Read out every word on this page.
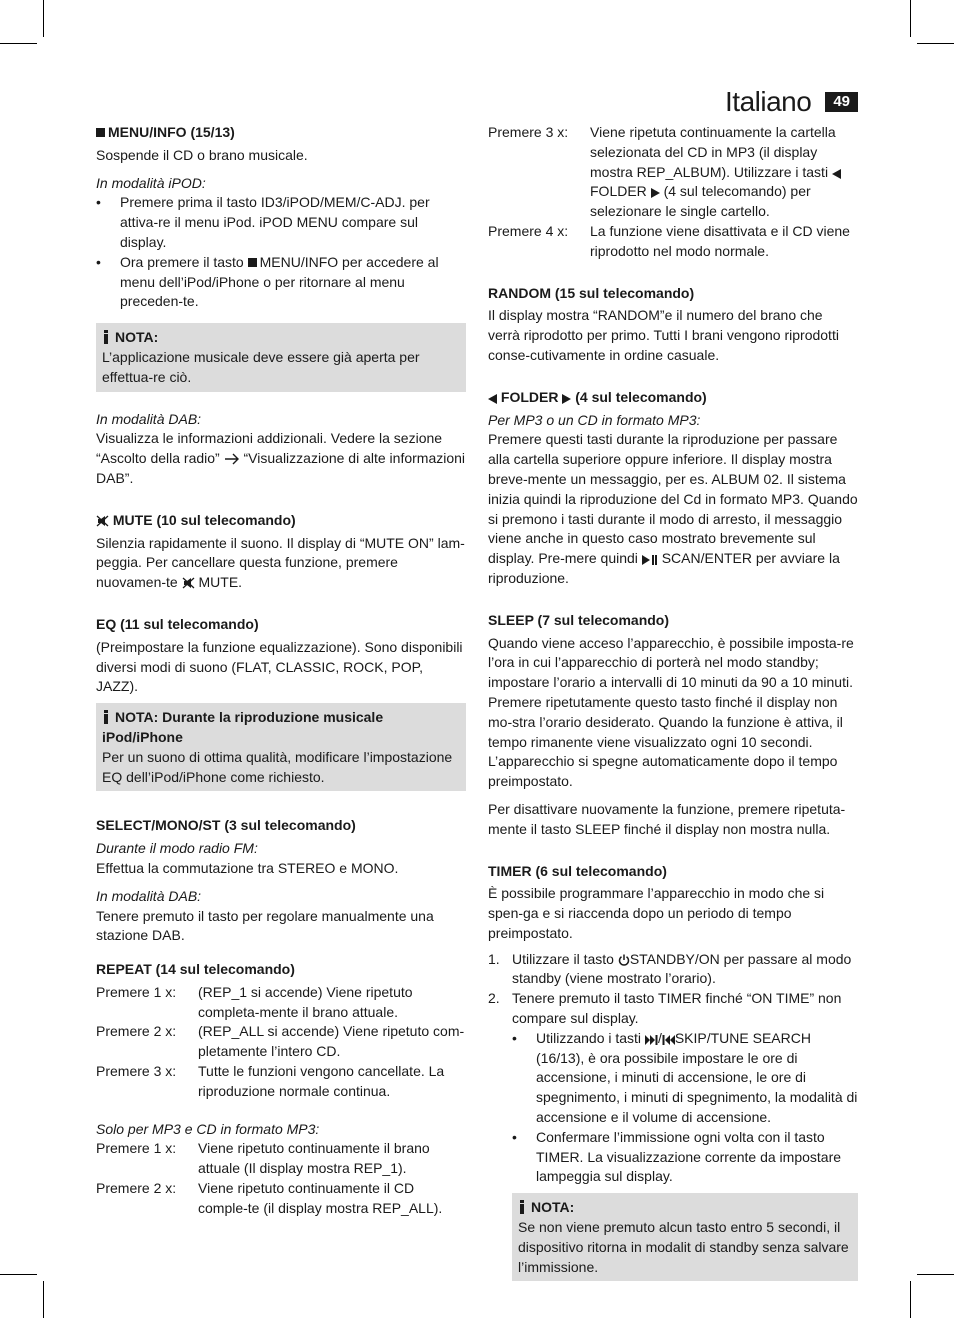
Italiano	49
MENU/INFO (15/13)

Sospende il CD o brano musicale.

In modalità iPOD:

• Premere prima il tasto ID3/iPOD/MEM/C-ADJ. per attiva-re il menu iPod. iPOD MENU compare sul display.
• Ora premere il tasto MENU/INFO per accedere al menu dell’iPod/iPhone o per ritornare al menu preceden-te.
NOTA:
L’applicazione musicale deve essere già aperta per effettua-re ciò.

In modalità DAB:

Visualizza le informazioni addizionali. Vedere la sezione “Ascolto della radio” “Visualizzazione di alte informazioni DAB”.

MUTE (10 sul telecomando)

Silenzia rapidamente il suono. Il display di “MUTE ON” lam-peggia. Per cancellare questa funzione, premere nuovamen-te MUTE.

EQ (11 sul telecomando)

(Preimpostare la funzione equalizzazione). Sono disponibili diversi modi di suono (FLAT, CLASSIC, ROCK, POP, JAZZ).

NOTA: Durante la riproduzione musicale iPod/iPhone
Per un suono di ottima qualità, modificare l’impostazione EQ dell’iPod/iPhone come richiesto.
SELECT/MONO/ST (3 sul telecomando)

Durante il modo radio FM:

Effettua la commutazione tra STEREO e MONO.

In modalità DAB:

Tenere premuto il tasto per regolare manualmente una stazione DAB.

REPEAT (14 sul telecomando)
Premere 1 x:	(REP_1 si accende) Viene ripetuto completa-mente il brano attuale.
Premere 2 x:	(REP_ALL si accende) Viene ripetuto com-pletamente l’intero CD.
Premere 3 x:	Tutte le funzioni vengono cancellate. La riproduzione normale continua.

Solo per MP3 e CD in formato MP3:

Premere 1 x:	Viene ripetuto continuamente il brano attuale (Il display mostra REP_1).
Premere 2 x:	Viene ripetuto continuamente il CD comple-te (il display mostra REP_ALL).
Premere 3 x:	Viene ripetuta continuamente la cartella selezionata del CD in MP3 (il display mostra REP_ALBUM). Utilizzare i tasti FOLDER (4 sul telecomando) per selezionare le single cartello.
Premere 4 x:	La funzione viene disattivata e il CD viene riprodotto nel modo normale.
RANDOM (15 sul telecomando)

Il display mostra “RANDOM”e il numero del brano che verrà riprodotto per primo. Tutti I brani vengono riprodotti conse-cutivamente in ordine casuale.

FOLDER (4 sul telecomando)

Per MP3 o un CD in formato MP3:

Premere questi tasti durante la riproduzione per passare alla cartella superiore oppure inferiore. Il display mostra breve-mente un messaggio, per es. ALBUM 02. Il sistema inizia quindi la riproduzione del Cd in formato MP3. Quando si premono i tasti durante il modo di arresto, il messaggio viene anche in questo caso mostrato brevemente sul display. Pre-mere quindi SCAN/ENTER per avviare la riproduzione.

SLEEP (7 sul telecomando)

Quando viene acceso l’apparecchio, è possibile imposta-re l’ora in cui l’apparecchio di porterà nel modo standby; impostare l’orario a intervalli di 10 minuti da 90 a 10 minuti. Premere ripetutamente questo tasto finché il display non mo-stra l’orario desiderato. Quando la funzione è attiva, il tempo rimanente viene visualizzato ogni 10 secondi. L’apparecchio si spegne automaticamente dopo il tempo preimpostato.

Per disattivare nuovamente la funzione, premere ripetuta-mente il tasto SLEEP finché il display non mostra nulla.

TIMER (6 sul telecomando)

È possibile programmare l’apparecchio in modo che si spen-ga e si riaccenda dopo un periodo di tempo preimpostato.

1. Utilizzare il tasto STANDBY/ON per passare al modo standby (viene mostrato l’orario).
2. Tenere premuto il tasto TIMER finché “ON TIME” non compare sul display.
• Utilizzando i tasti / SKIP/TUNE SEARCH (16/13), è ora possibile impostare le ore di accensione, i minuti di accensione, le ore di spegnimento, i minuti di spegnimento, la modalità di accensione e il volume di accensione.
• Confermare l’immissione ogni volta con il tasto TIMER. La visualizzazione corrente da impostare lampeggia sul display.
NOTA:
Se non viene premuto alcun tasto entro 5 secondi, il dispositivo ritorna in modalit di standby senza salvare l’immissione.
